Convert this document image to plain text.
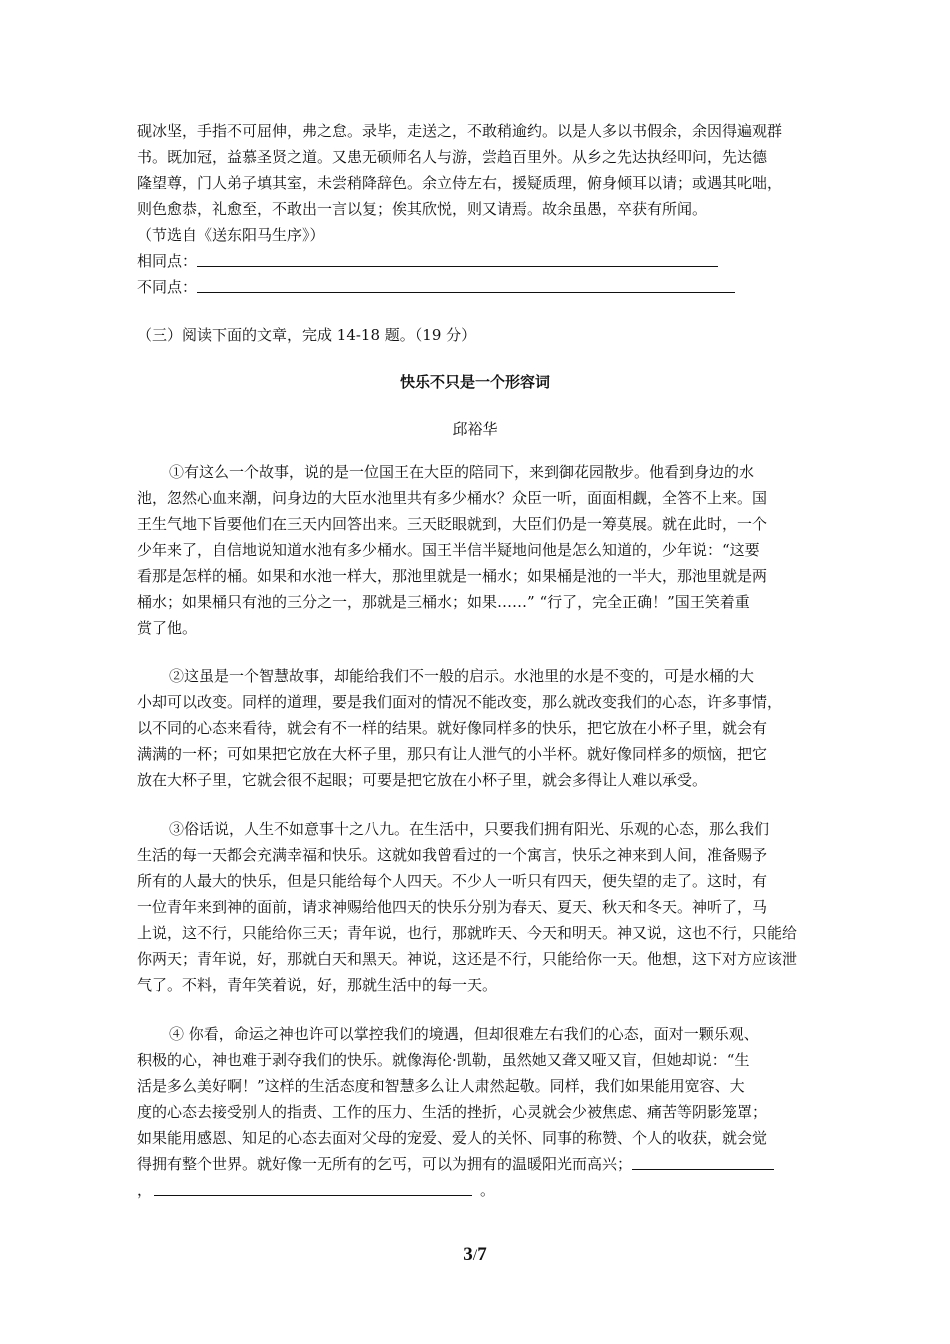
砚冰坚，手指不可屈伸，弗之怠。录毕，走送之，不敢稍逾约。以是人多以书假余，余因得遍观群
书。既加冠，益慕圣贤之道。又患无硕师名人与游，尝趋百里外。从乡之先达执经叩问，先达德
隆望尊，门人弟子填其室，未尝稍降辞色。余立侍左右，援疑质理，俯身倾耳以请；或遇其叱咄，
则色愈恭，礼愈至，不敢出一言以复；俟其欣悦，则又请焉。故余虽愚，卒获有所闻。
（节选自《送东阳马生序》）
相同点：
不同点：
（三）阅读下面的文章，完成 14-18 题。（19 分）
快乐不只是一个形容词
邱裕华
①有这么一个故事，说的是一位国王在大臣的陪同下，来到御花园散步。他看到身边的水
池，忽然心血来潮，问身边的大臣水池里共有多少桶水？众臣一听，面面相觑，全答不上来。国
王生气地下旨要他们在三天内回答出来。三天眨眼就到，大臣们仍是一筹莫展。就在此时，一个
少年来了，自信地说知道水池有多少桶水。国王半信半疑地问他是怎么知道的，少年说：“这要
看那是怎样的桶。如果和水池一样大，那池里就是一桶水；如果桶是池的一半大，那池里就是两
桶水；如果桶只有池的三分之一，那就是三桶水；如果……” “行了，完全正确！”国王笑着重
赏了他。
②这虽是一个智慧故事，却能给我们不一般的启示。水池里的水是不变的，可是水桶的大
小却可以改变。同样的道理，要是我们面对的情况不能改变，那么就改变我们的心态，许多事情，
以不同的心态来看待，就会有不一样的结果。就好像同样多的快乐，把它放在小杯子里，就会有
满满的一杯；可如果把它放在大杯子里，那只有让人泄气的小半杯。就好像同样多的烦恼，把它
放在大杯子里，它就会很不起眼；可要是把它放在小杯子里，就会多得让人难以承受。
③俗话说，人生不如意事十之八九。在生活中，只要我们拥有阳光、乐观的心态，那么我们
生活的每一天都会充满幸福和快乐。这就如我曾看过的一个寓言，快乐之神来到人间，准备赐予
所有的人最大的快乐，但是只能给每个人四天。不少人一听只有四天，便失望的走了。这时，有
一位青年来到神的面前，请求神赐给他四天的快乐分别为春天、夏天、秋天和冬天。神听了，马
上说，这不行，只能给你三天；青年说，也行，那就昨天、今天和明天。神又说，这也不行，只能给
你两天；青年说，好，那就白天和黑天。神说，这还是不行，只能给你一天。他想，这下对方应该泄
气了。不料，青年笑着说，好，那就生活中的每一天。
④ 你看，命运之神也许可以掌控我们的境遇，但却很难左右我们的心态，面对一颗乐观、
积极的心，神也难于剥夺我们的快乐。就像海伦·凯勒，虽然她又聋又哑又盲，但她却说：“生
活是多么美好啊！”这样的生活态度和智慧多么让人肃然起敬。同样，我们如果能用宽容、大
度的心态去接受别人的指责、工作的压力、生活的挫折，心灵就会少被焦虑、痛苦等阴影笼罩；
如果能用感恩、知足的心态去面对父母的宠爱、爱人的关怀、同事的称赞、个人的收获，就会觉
得拥有整个世界。就好像一无所有的乞丐，可以为拥有的温暖阳光而高兴；
，	。
3/7
